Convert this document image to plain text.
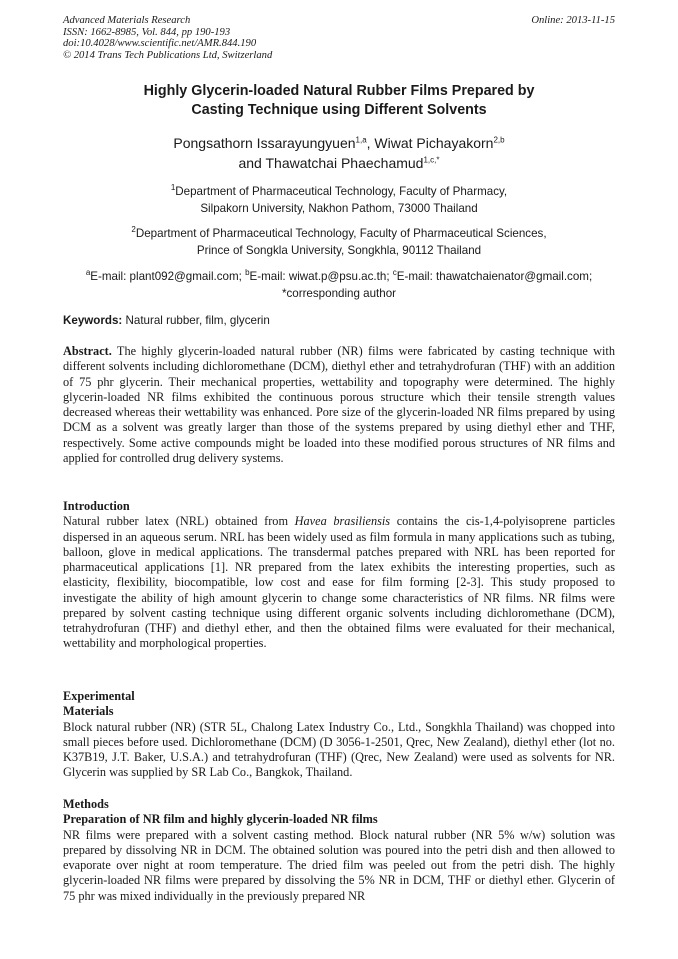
Advanced Materials Research
ISSN: 1662-8985, Vol. 844, pp 190-193
doi:10.4028/www.scientific.net/AMR.844.190
© 2014 Trans Tech Publications Ltd, Switzerland
Online: 2013-11-15
Highly Glycerin-loaded Natural Rubber Films Prepared by
Casting Technique using Different Solvents
Pongsathorn Issarayungyuen$^{1,a}$, Wiwat Pichayakorn$^{2,b}$
and Thawatchai Phaechamud$^{1,c,*}$
$^1$Department of Pharmaceutical Technology, Faculty of Pharmacy,
Silpakorn University, Nakhon Pathom, 73000 Thailand
$^2$Department of Pharmaceutical Technology, Faculty of Pharmaceutical Sciences,
Prince of Songkla University, Songkhla, 90112 Thailand
$^a$E-mail: plant092@gmail.com; $^b$E-mail: wiwat.p@psu.ac.th; $^c$E-mail: thawatchaienator@gmail.com;
*corresponding author
Keywords: Natural rubber, film, glycerin

Abstract. The highly glycerin-loaded natural rubber (NR) films were fabricated by casting technique with different solvents including dichloromethane (DCM), diethyl ether and tetrahydrofuran (THF) with an addition of 75 phr glycerin. Their mechanical properties, wettability and topography were determined. The highly glycerin-loaded NR films exhibited the continuous porous structure which their tensile strength values decreased whereas their wettability was enhanced. Pore size of the glycerin-loaded NR films prepared by using DCM as a solvent was greatly larger than those of the systems prepared by using diethyl ether and THF, respectively. Some active compounds might be loaded into these modified porous structures of NR films and applied for controlled drug delivery systems.

Introduction

Natural rubber latex (NRL) obtained from Havea brasiliensis contains the cis-1,4-polyisoprene particles dispersed in an aqueous serum. NRL has been widely used as film formula in many applications such as tubing, balloon, glove in medical applications. The transdermal patches prepared with NRL has been reported for pharmaceutical applications [1]. NR prepared from the latex exhibits the interesting properties, such as elasticity, flexibility, biocompatible, low cost and ease for film forming [2-3]. This study proposed to investigate the ability of high amount glycerin to change some characteristics of NR films. NR films were prepared by solvent casting technique using different organic solvents including dichloromethane (DCM), tetrahydrofuran (THF) and diethyl ether, and then the obtained films were evaluated for their mechanical, wettability and morphological properties.

Experimental
Materials

Block natural rubber (NR) (STR 5L, Chalong Latex Industry Co., Ltd., Songkhla Thailand) was chopped into small pieces before used. Dichloromethane (DCM) (D 3056-1-2501, Qrec, New Zealand), diethyl ether (lot no. K37B19, J.T. Baker, U.S.A.) and tetrahydrofuran (THF) (Qrec, New Zealand) were used as solvents for NR. Glycerin was supplied by SR Lab Co., Bangkok, Thailand.

Methods
Preparation of NR film and highly glycerin-loaded NR films

NR films were prepared with a solvent casting method. Block natural rubber (NR 5% w/w) solution was prepared by dissolving NR in DCM. The obtained solution was poured into the petri dish and then allowed to evaporate over night at room temperature. The dried film was peeled out from the petri dish. The highly glycerin-loaded NR films were prepared by dissolving the 5% NR in DCM, THF or diethyl ether. Glycerin of 75 phr was mixed individually in the previously prepared NR
